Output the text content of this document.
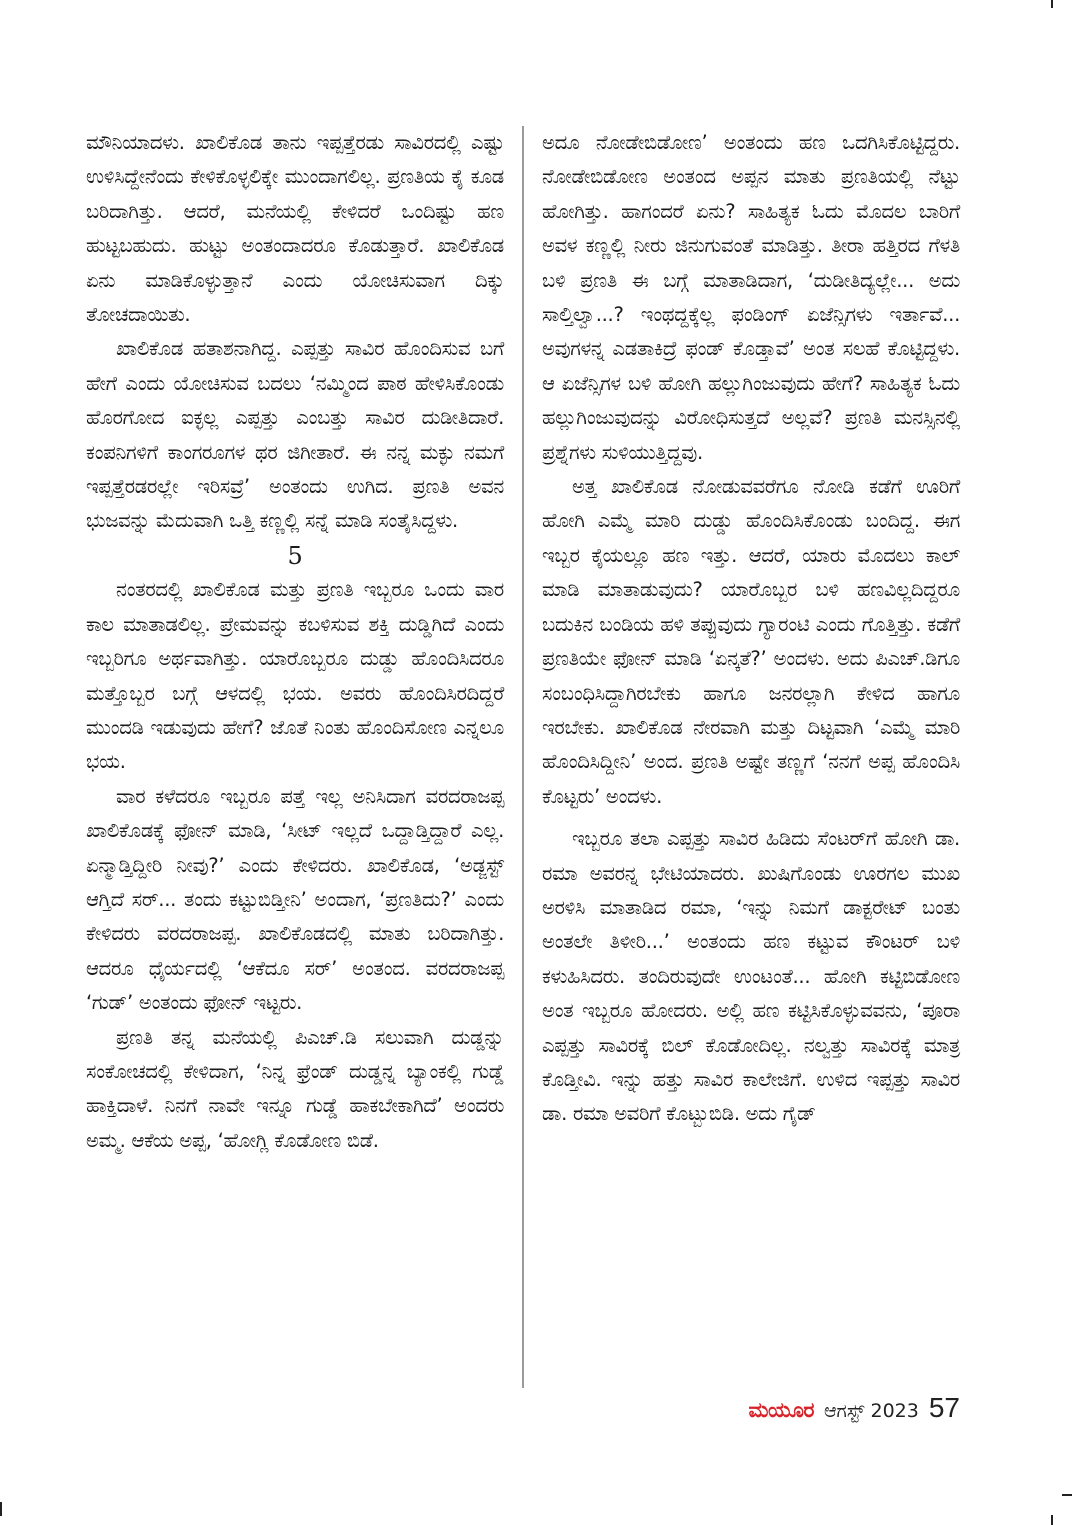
ಮೌನಿಯಾದಳು. ಖಾಲಿಕೊಡ ತಾನು ಇಪ್ಪತ್ತೆರಡು ಸಾವಿರದಲ್ಲಿ ಎಷ್ಟು ಉಳಿಸಿದ್ದೇನೆಂದು ಕೇಳಿಕೊಳ್ಳಲಿಕ್ಕೇ ಮುಂದಾಗಲಿಲ್ಲ. ಪ್ರಣತಿಯ ಕೈ ಕೂಡ ಬರಿದಾಗಿತ್ತು. ಆದರೆ, ಮನೆಯಲ್ಲಿ ಕೇಳಿದರೆ ಒಂದಿಷ್ಟು ಹಣ ಹುಟ್ಟಬಹುದು. ಹುಟ್ಟು ಅಂತಂದಾದರೂ ಕೊಡುತ್ತಾರೆ. ಖಾಲಿಕೊಡ ಏನು ಮಾಡಿಕೊಳ್ಳುತ್ತಾನೆ ಎಂದು ಯೋಚಿಸುವಾಗ ದಿಕ್ಕು ತೋಚದಾಯಿತು.

ಖಾಲಿಕೊಡ ಹತಾಶನಾಗಿದ್ದ. ಎಪ್ಪತ್ತು ಸಾವಿರ ಹೊಂದಿಸುವ ಬಗೆ ಹೇಗೆ ಎಂದು ಯೋಚಿಸುವ ಬದಲು ‘ನಮ್ಮಿಂದ ಪಾಠ ಹೇಳಿಸಿಕೊಂಡು ಹೊರಗೋದ ಐಕ್ಳಲ್ಲ ಎಪ್ಪತ್ತು ಎಂಬತ್ತು ಸಾವಿರ ದುಡೀತಿದಾರೆ. ಕಂಪನಿಗಳಿಗೆ ಕಾಂಗರೂಗಳ ಥರ ಜಿಗೀತಾರೆ. ಈ ನನ್ನ ಮಕ್ಳು ನಮಗೆ ಇಪ್ಪತ್ತೆರಡರಲ್ಲೇ ಇರಿಸವ್ರೆ’ ಅಂತಂದು ಉಗಿದ. ಪ್ರಣತಿ ಅವನ ಭುಜವನ್ನು ಮೆದುವಾಗಿ ಒತ್ತಿ ಕಣ್ಣಲ್ಲಿ ಸನ್ನೆ ಮಾಡಿ ಸಂತೈಸಿದ್ದಳು.

5

ನಂತರದಲ್ಲಿ ಖಾಲಿಕೊಡ ಮತ್ತು ಪ್ರಣತಿ ಇಬ್ಬರೂ ಒಂದು ವಾರ ಕಾಲ ಮಾತಾಡಲಿಲ್ಲ. ಪ್ರೇಮವನ್ನು ಕಬಳಿಸುವ ಶಕ್ತಿ ದುಡ್ಡಿಗಿದೆ ಎಂದು ಇಬ್ಬರಿಗೂ ಅರ್ಥವಾಗಿತ್ತು. ಯಾರೊಬ್ಬರೂ ದುಡ್ಡು ಹೊಂದಿಸಿದರೂ ಮತ್ತೊಬ್ಬರ ಬಗ್ಗೆ ಆಳದಲ್ಲಿ ಭಯ. ಅವರು ಹೊಂದಿಸಿರದಿದ್ದರೆ ಮುಂದಡಿ ಇಡುವುದು ಹೇಗೆ? ಜೊತೆ ನಿಂತು ಹೊಂದಿಸೋಣ ಎನ್ನಲೂ ಭಯ.

ವಾರ ಕಳೆದರೂ ಇಬ್ಬರೂ ಪತ್ತೆ ಇಲ್ಲ ಅನಿಸಿದಾಗ ವರದರಾಜಪ್ಪ ಖಾಲಿಕೊಡಕ್ಕೆ ಫೋನ್ ಮಾಡಿ, ‘ಸೀಟ್ ಇಲ್ಲದೆ ಒದ್ದಾಡ್ತಿದ್ದಾರೆ ಎಲ್ಲ. ಏನ್ಮಾಡ್ತಿದ್ದೀರಿ ನೀವು?’ ಎಂದು ಕೇಳಿದರು. ಖಾಲಿಕೊಡ, ‘ಅಡ್ಜಸ್ಟ್ ಆಗ್ತಿದೆ ಸರ್... ತಂದು ಕಟ್ಟುಬಿಡ್ತೀನಿ’ ಅಂದಾಗ, ‘ಪ್ರಣತಿದು?’ ಎಂದು ಕೇಳಿದರು ವರದರಾಜಪ್ಪ. ಖಾಲಿಕೊಡದಲ್ಲಿ ಮಾತು ಬರಿದಾಗಿತ್ತು. ಆದರೂ ಧೈರ್ಯದಲ್ಲಿ ‘ಆಕೆದೂ ಸರ್’ ಅಂತಂದ. ವರದರಾಜಪ್ಪ ‘ಗುಡ್’ ಅಂತಂದು ಫೋನ್ ಇಟ್ಟರು.

ಪ್ರಣತಿ ತನ್ನ ಮನೆಯಲ್ಲಿ ಪಿಎಚ್.ಡಿ ಸಲುವಾಗಿ ದುಡ್ಡನ್ನು ಸಂಕೋಚದಲ್ಲಿ ಕೇಳಿದಾಗ, ‘ನಿನ್ನ ಫ್ರೆಂಡ್ ದುಡ್ಡನ್ನ ಬ್ಯಾಂಕಲ್ಲಿ ಗುಡ್ಡೆ ಹಾಕ್ತಿದಾಳೆ. ನಿನಗೆ ನಾವೇ ಇನ್ನೂ ಗುಡ್ಡೆ ಹಾಕಬೇಕಾಗಿದೆ’ ಅಂದರು ಅಮ್ಮ. ಆಕೆಯ ಅಪ್ಪ, ‘ಹೋಗ್ಲಿ ಕೊಡೋಣ ಬಿಡೆ.

ಅದೂ ನೋಡೇಬಿಡೋಣ’ ಅಂತಂದು ಹಣ ಒದಗಿಸಿಕೊಟ್ಟಿದ್ದರು. ನೋಡೇಬಿಡೋಣ ಅಂತಂದ ಅಪ್ಪನ ಮಾತು ಪ್ರಣತಿಯಲ್ಲಿ ನೆಟ್ಟು ಹೋಗಿತ್ತು. ಹಾಗಂದರೆ ಏನು? ಸಾಹಿತ್ಯಕ ಓದು ಮೊದಲ ಬಾರಿಗೆ ಅವಳ ಕಣ್ಣಲ್ಲಿ ನೀರು ಜಿನುಗುವಂತೆ ಮಾಡಿತ್ತು. ತೀರಾ ಹತ್ತಿರದ ಗೆಳತಿ ಬಳಿ ಪ್ರಣತಿ ಈ ಬಗ್ಗೆ ಮಾತಾಡಿದಾಗ, ‘ದುಡೀತಿದ್ಯಲ್ಲೇ... ಅದು ಸಾಲ್ತಿಲ್ವಾ...? ಇಂಥದ್ದಕ್ಕೆಲ್ಲ ಫಂಡಿಂಗ್ ಏಜೆನ್ಸಿಗಳು ಇರ್ತಾವೆ... ಅವುಗಳನ್ನ ಎಡತಾಕಿದ್ರೆ ಫಂಡ್ ಕೊಡ್ತಾವೆ’ ಅಂತ ಸಲಹೆ ಕೊಟ್ಟಿದ್ದಳು. ಆ ಏಜೆನ್ಸಿಗಳ ಬಳಿ ಹೋಗಿ ಹಲ್ಲುಗಿಂಜುವುದು ಹೇಗೆ? ಸಾಹಿತ್ಯಕ ಓದು ಹಲ್ಲುಗಿಂಜುವುದನ್ನು ವಿರೋಧಿಸುತ್ತದೆ ಅಲ್ಲವೆ? ಪ್ರಣತಿ ಮನಸ್ಸಿನಲ್ಲಿ ಪ್ರಶ್ನೆಗಳು ಸುಳಿಯುತ್ತಿದ್ದವು.

ಅತ್ತ ಖಾಲಿಕೊಡ ನೋಡುವವರೆಗೂ ನೋಡಿ ಕಡೆಗೆ ಊರಿಗೆ ಹೋಗಿ ಎಮ್ಮೆ ಮಾರಿ ದುಡ್ಡು ಹೊಂದಿಸಿಕೊಂಡು ಬಂದಿದ್ದ. ಈಗ ಇಬ್ಬರ ಕೈಯಲ್ಲೂ ಹಣ ಇತ್ತು. ಆದರೆ, ಯಾರು ಮೊದಲು ಕಾಲ್ ಮಾಡಿ ಮಾತಾಡುವುದು? ಯಾರೊಬ್ಬರ ಬಳಿ ಹಣವಿಲ್ಲದಿದ್ದರೂ ಬದುಕಿನ ಬಂಡಿಯ ಹಳಿ ತಪ್ಪುವುದು ಗ್ಯಾರಂಟಿ ಎಂದು ಗೊತ್ತಿತ್ತು. ಕಡೆಗೆ ಪ್ರಣತಿಯೇ ಫೋನ್ ಮಾಡಿ ‘ಏನ್ಕತೆ?’ ಅಂದಳು. ಅದು ಪಿಎಚ್.ಡಿಗೂ ಸಂಬಂಧಿಸಿದ್ದಾಗಿರಬೇಕು ಹಾಗೂ ಜನರಲ್ಲಾಗಿ ಕೇಳಿದ ಹಾಗೂ ಇರಬೇಕು. ಖಾಲಿಕೊಡ ನೇರವಾಗಿ ಮತ್ತು ದಿಟ್ಟವಾಗಿ ‘ಎಮ್ಮೆ ಮಾರಿ ಹೊಂದಿಸಿದ್ದೀನಿ’ ಅಂದ. ಪ್ರಣತಿ ಅಷ್ಟೇ ತಣ್ಣಗೆ ‘ನನಗೆ ಅಪ್ಪ ಹೊಂದಿಸಿ ಕೊಟ್ಟರು’ ಅಂದಳು.

ಇಬ್ಬರೂ ತಲಾ ಎಪ್ಪತ್ತು ಸಾವಿರ ಹಿಡಿದು ಸೆಂಟರ್‌ಗೆ ಹೋಗಿ ಡಾ. ರಮಾ ಅವರನ್ನ ಭೇಟಿಯಾದರು. ಖುಷಿಗೊಂಡು ಊರಗಲ ಮುಖ ಅರಳಿಸಿ ಮಾತಾಡಿದ ರಮಾ, ‘ಇನ್ನು ನಿಮಗೆ ಡಾಕ್ಟರೇಟ್ ಬಂತು ಅಂತಲೇ ತಿಳೀರಿ...’ ಅಂತಂದು ಹಣ ಕಟ್ಟುವ ಕೌಂಟರ್ ಬಳಿ ಕಳುಹಿಸಿದರು. ತಂದಿರುವುದೇ ಉಂಟಂತೆ... ಹೋಗಿ ಕಟ್ಟಿಬಿಡೋಣ ಅಂತ ಇಬ್ಬರೂ ಹೋದರು. ಅಲ್ಲಿ ಹಣ ಕಟ್ಟಿಸಿಕೊಳ್ಳುವವನು, ‘ಪೂರಾ ಎಪ್ಪತ್ತು ಸಾವಿರಕ್ಕೆ ಬಿಲ್ ಕೊಡೋದಿಲ್ಲ. ನಲ್ವತ್ತು ಸಾವಿರಕ್ಕೆ ಮಾತ್ರ ಕೊಡ್ತೀವಿ. ಇನ್ನು ಹತ್ತು ಸಾವಿರ ಕಾಲೇಜಿಗೆ. ಉಳಿದ ಇಪ್ಪತ್ತು ಸಾವಿರ ಡಾ. ರಮಾ ಅವರಿಗೆ ಕೊಟ್ಬುಬಿಡಿ. ಅದು ಗೈಡ್

ಮಯೂರ ಆಗಸ್ಟ್ 2023 57
